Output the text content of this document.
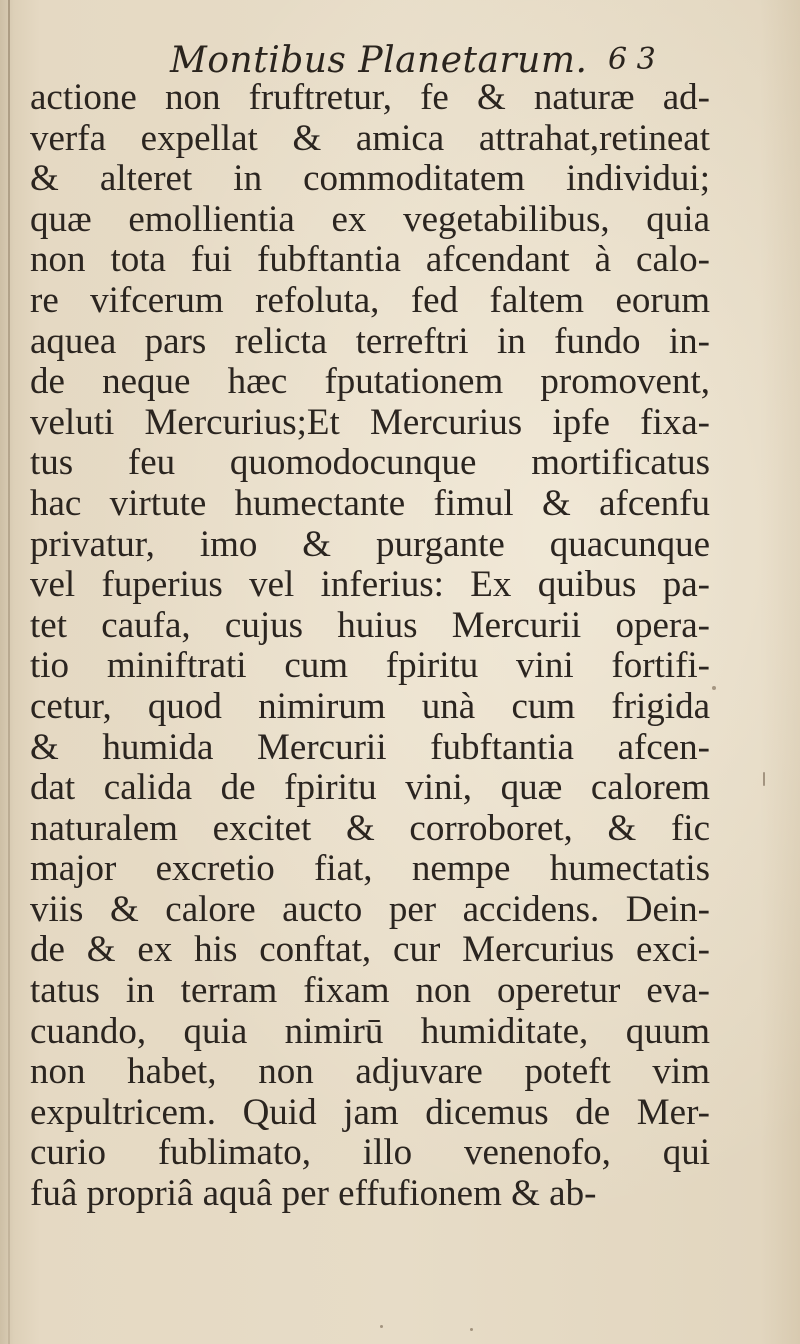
Montibus Planetarum. 6 3
actione non fruftretur, fe & naturæ ad-
verfa expellat & amica attrahat,retineat
& alteret in commoditatem individui;
quæ emollientia ex vegetabilibus, quia
non tota fui fubftantia afcendant à calo-
re vifcerum refoluta, fed faltem eorum
aquea pars relicta terreftri in fundo in-
de neque hæc fputationem promovent,
veluti Mercurius;Et Mercurius ipfe fixa-
tus feu quomodocunque mortificatus
hac virtute humectante fimul & afcenfu
privatur, imo & purgante quacunque
vel fuperius vel inferius: Ex quibus pa-
tet caufa, cujus huius Mercurii opera-
tio miniftrati cum fpiritu vini fortifi-
cetur, quod nimirum unà cum frigida
& humida Mercurii fubftantia afcen-
dat calida de fpiritu vini, quæ calorem
naturalem excitet & corroboret, & fic
major excretio fiat, nempe humectatis
viis & calore aucto per accidens. Dein-
de & ex his conftat, cur Mercurius exci-
tatus in terram fixam non operetur eva-
cuando, quia nimirū humiditate, quum
non habet, non adjuvare poteft vim
expultricem. Quid jam dicemus de Mer-
curio fublimato, illo venenofo, qui
fuâ propriâ aquâ per effufionem & ab-
